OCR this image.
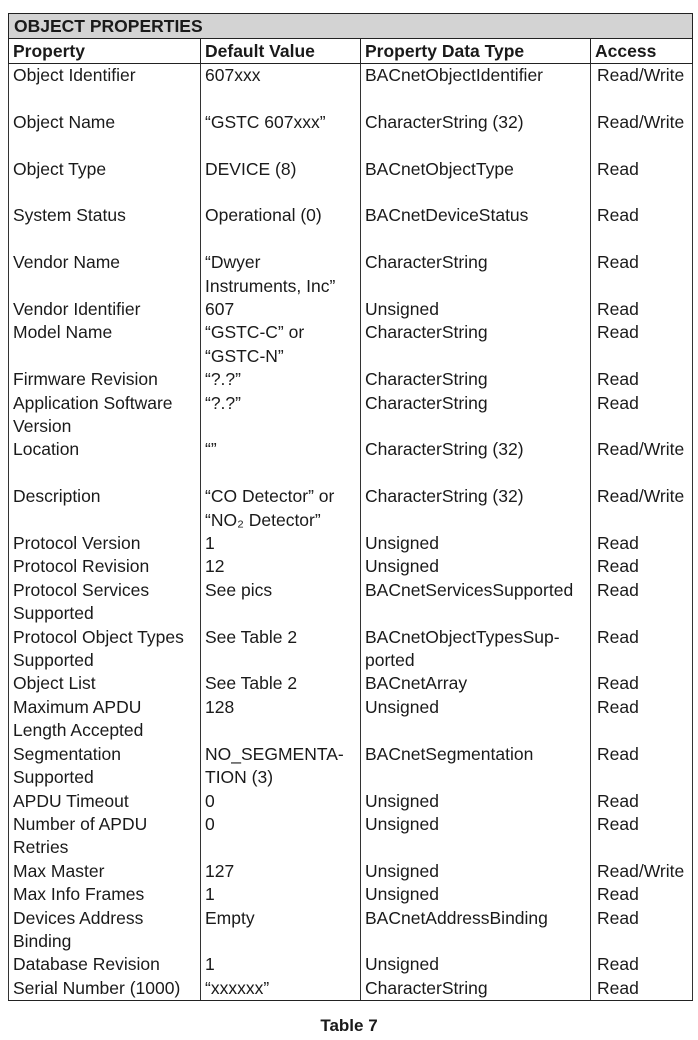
OBJECT PROPERTIES			
Property	Default Value	Property Data Type	Access
Object Identifier	607xxx	BACnetObjectIdentifier	Read/Write
Object Name	“GSTC 607xxx”	CharacterString (32)	Read/Write
Object Type	DEVICE (8)	BACnetObjectType	Read
System Status	Operational (0)	BACnetDeviceStatus	Read
Vendor Name	“Dwyer Instruments, Inc”	CharacterString	Read
Vendor Identifier	607	Unsigned	Read
Model Name	“GSTC-C” or “GSTC-N”	CharacterString	Read
Firmware Revision	“?.?”	CharacterString	Read
Application Software Version	“?.?”	CharacterString	Read
Location	“”	CharacterString (32)	Read/Write
Description	“CO Detector” or “NO₂ Detector”	CharacterString (32)	Read/Write
Protocol Version	1	Unsigned	Read
Protocol Revision	12	Unsigned	Read
Protocol Services Supported	See pics	BACnetServicesSupported	Read
Protocol Object Types Supported	See Table 2	BACnetObjectTypesSup-ported	Read
Object List	See Table 2	BACnetArray	Read
Maximum APDU Length Accepted	128	Unsigned	Read
Segmentation Supported	NO_SEGMENTA-TION (3)	BACnetSegmentation	Read
APDU Timeout	0	Unsigned	Read
Number of APDU Retries	0	Unsigned	Read
Max Master	127	Unsigned	Read/Write
Max Info Frames	1	Unsigned	Read
Devices Address Binding	Empty	BACnetAddressBinding	Read
Database Revision	1	Unsigned	Read
Serial Number (1000)	“xxxxxx”	CharacterString	Read
Table 7
